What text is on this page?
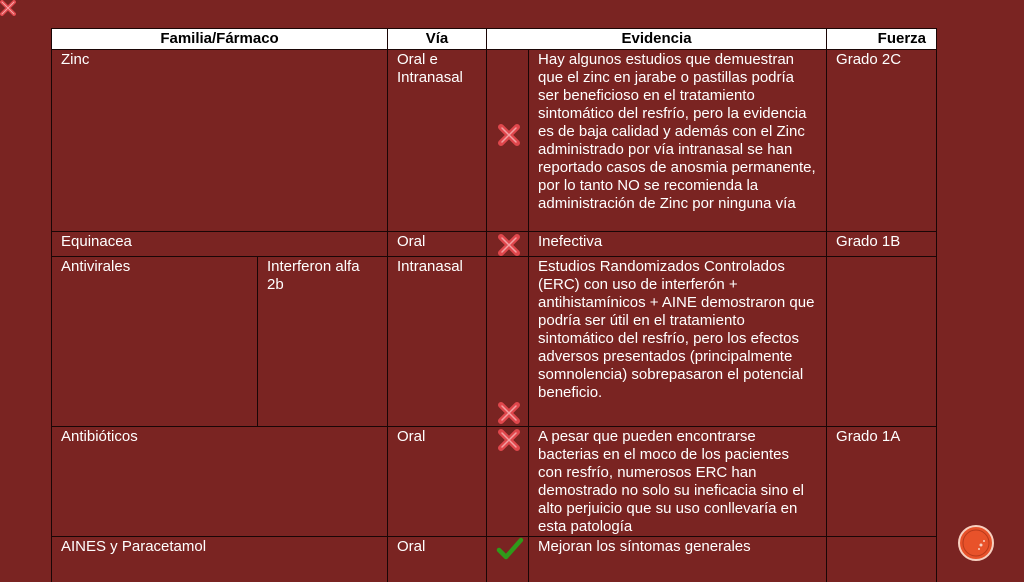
Familia/Fármaco		Vía	Evidencia		Fuerza
Zinc		Oral e Intranasal		Hay algunos estudios que demuestran que el zinc en jarabe o pastillas podría ser beneficioso en el tratamiento sintomático del resfrío, pero la evidencia es de baja calidad y además con el Zinc administrado por vía intranasal se han reportado casos de anosmia permanente, por lo tanto NO se recomienda la administración de Zinc por ninguna vía	Grado 2C
Equinacea		Oral		Inefectiva	Grado 1B
Antivirales	Interferon alfa 2b	Intranasal		Estudios Randomizados Controlados (ERC) con uso de interferón + antihistamínicos + AINE demostraron que podría ser útil en el tratamiento sintomático del resfrío, pero los efectos adversos presentados (principalmente somnolencia) sobrepasaron el potencial beneficio.	
Antibióticos		Oral		A pesar que pueden encontrarse bacterias en el moco de los pacientes con resfrío, numerosos ERC han demostrado no solo su ineficacia sino el alto perjuicio que su uso conllevaría en esta patología	Grado 1A
AINES y Paracetamol		Oral		Mejoran los síntomas generales	
